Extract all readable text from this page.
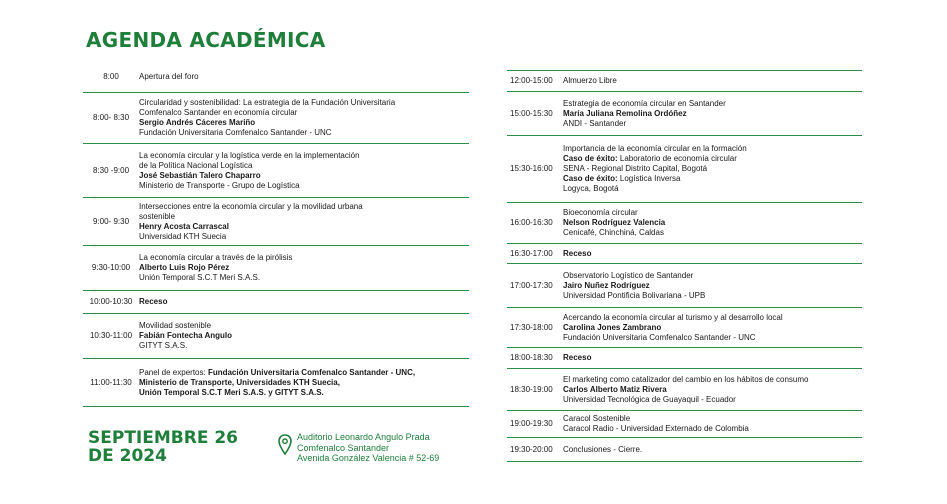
AGENDA ACADÉMICA
8:00	Apertura del foro
8:00- 8:30
Circularidad y sostenibilidad: La estrategia de la Fundación Universitaria
Comfenalco Santander en economía circular
Sergio Andrés Cáceres Mariño
Fundación Universitaria Comfenalco Santander - UNC
8:30 -9:00
La economía circular y la logística verde en la implementación
de la Política Nacional Logística
José Sebastián Talero Chaparro
Ministerio de Transporte - Grupo de Logística
9:00- 9:30
Intersecciones entre la economía circular y la movilidad urbana
sostenible
Henry Acosta Carrascal
Universidad KTH Suecia
9:30-10:00
La economía circular a través de la pirólisis
Alberto Luis Rojo Pérez
Unión Temporal S.C.T Meri S.A.S.
10:00-10:30 Receso
10:30-11:00
Movilidad sostenible
Fabián Fontecha Angulo
GITYT S.A.S.
11:00-11:30
Panel de expertos: Fundación Universitaria Comfenalco Santander - UNC,
Ministerio de Transporte, Universidades KTH Suecia,
Unión Temporal S.C.T Meri S.A.S. y GITYT S.A.S.
12:00-15:00	Almuerzo Libre
15:00-15:30
Estrategia de economía circular en Santander
María Juliana Remolina Ordóñez
ANDI - Santander
15:30-16:00
Importancia de la economía circular en la formación
Caso de éxito: Laboratorio de economía circular
SENA - Regional Distrito Capital, Bogotá
Caso de éxito: Logística Inversa
Logyca, Bogotá
16:00-16:30
Bioeconomía circular
Nelson Rodríguez Valencia
Cenicafé, Chinchiná, Caldas
16:30-17:00	Receso
17:00-17:30
Observatorio Logístico de Santander
Jairo Nuñez Rodríguez
Universidad Pontificia Bolivariana - UPB
17:30-18:00
Acercando la economía circular al turismo y al desarrollo local
Carolina Jones Zambrano
Fundación Universitaria Comfenalco Santander - UNC
18:00-18:30	Receso
18:30-19:00
El marketing como catalizador del cambio en los hábitos de consumo
Carlos Alberto Matiz Rivera
Universidad Tecnológica de Guayaquil - Ecuador
19:00-19:30
Caracol Sostenible
Caracol Radio - Universidad Externado de Colombia
19:30-20:00	Conclusiones - Cierre.
SEPTIEMBRE 26
DE 2024
Auditorio Leonardo Angulo Prada
Comfenalco Santander
Avenida González Valencia # 52-69
